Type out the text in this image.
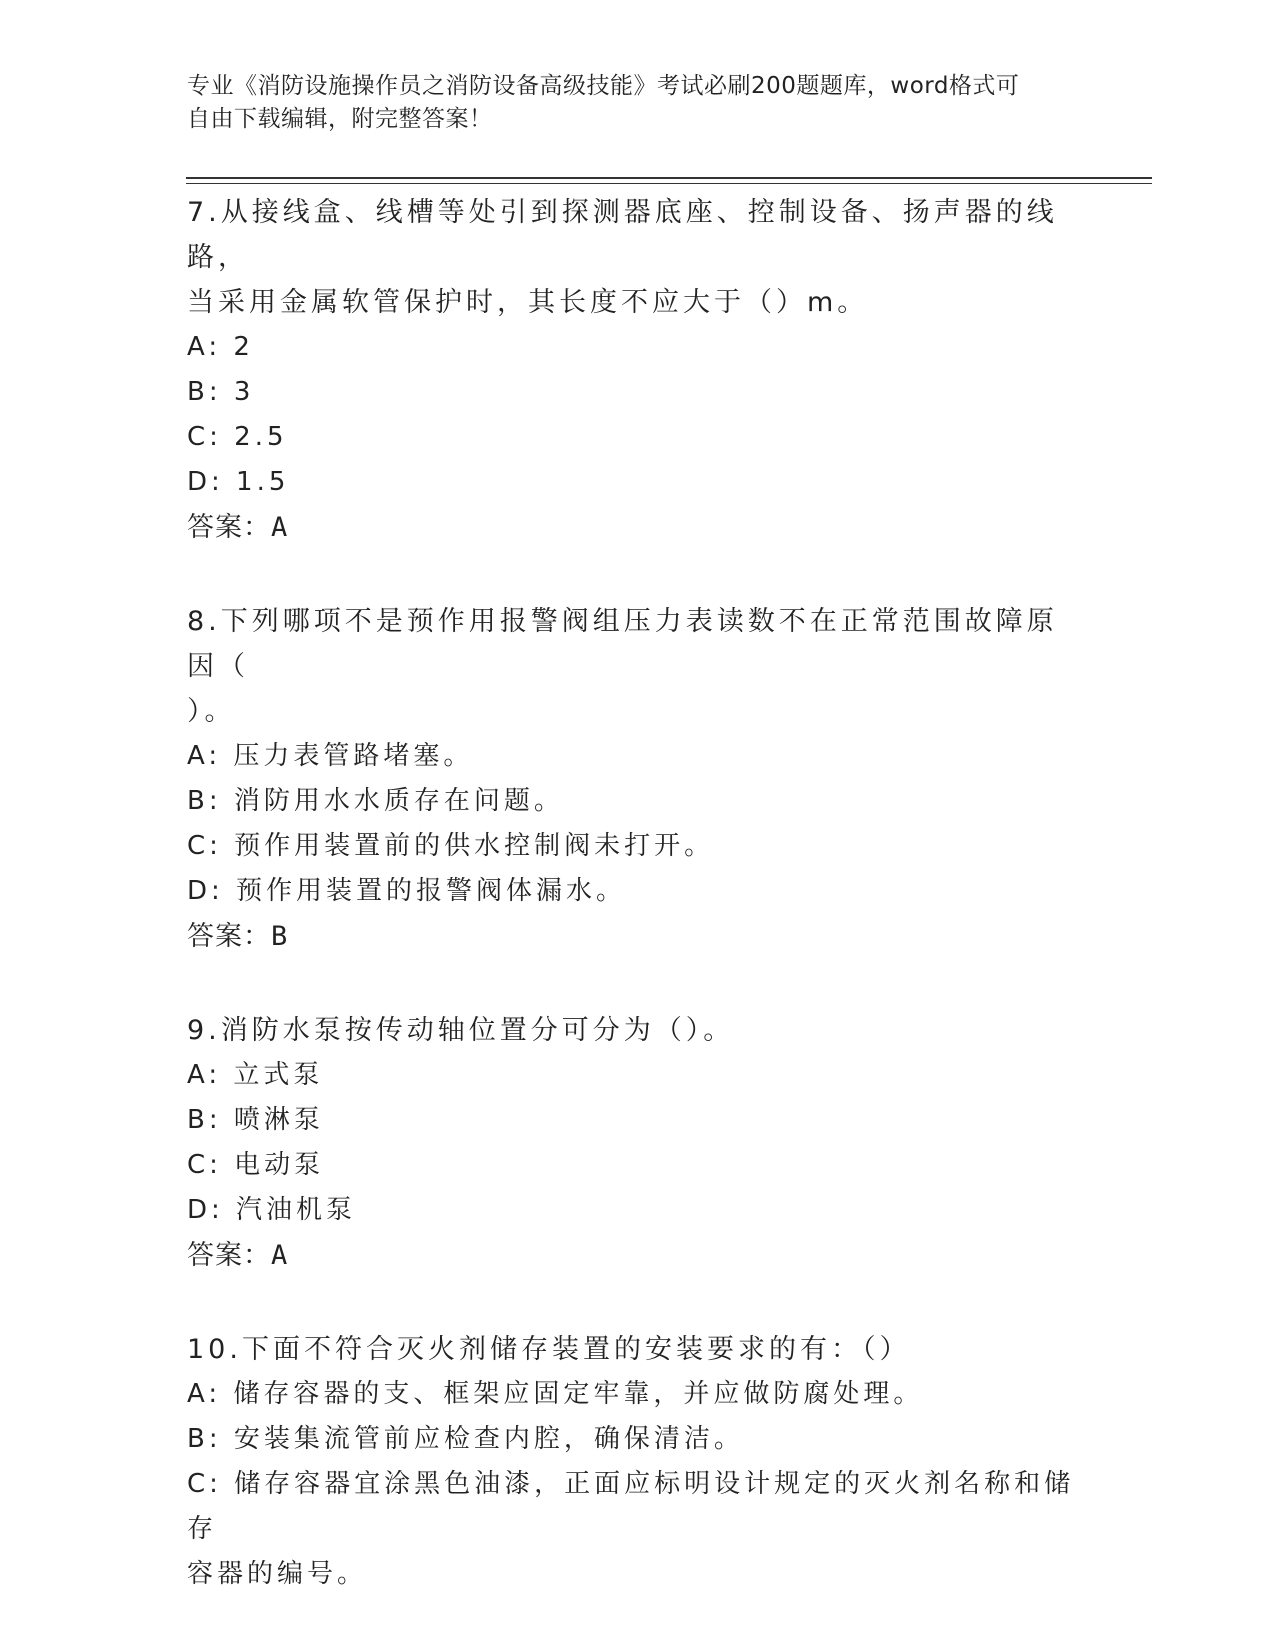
专业《消防设施操作员之消防设备高级技能》考试必刷200题题库，word格式可
自由下载编辑，附完整答案！
7.从接线盒、线槽等处引到探测器底座、控制设备、扬声器的线路，
当采用金属软管保护时，其长度不应大于（）m。
A: 2
B: 3
C: 2.5
D: 1.5
答案：A
8.下列哪项不是预作用报警阀组压力表读数不在正常范围故障原因（
）。
A: 压力表管路堵塞。
B: 消防用水水质存在问题。
C: 预作用装置前的供水控制阀未打开。
D: 预作用装置的报警阀体漏水。
答案：B
9.消防水泵按传动轴位置分可分为（）。
A: 立式泵
B: 喷淋泵
C: 电动泵
D: 汽油机泵
答案：A
10.下面不符合灭火剂储存装置的安装要求的有：（）
A: 储存容器的支、框架应固定牢靠，并应做防腐处理。
B: 安装集流管前应检查内腔，确保清洁。
C: 储存容器宜涂黑色油漆，正面应标明设计规定的灭火剂名称和储存
容器的编号。
